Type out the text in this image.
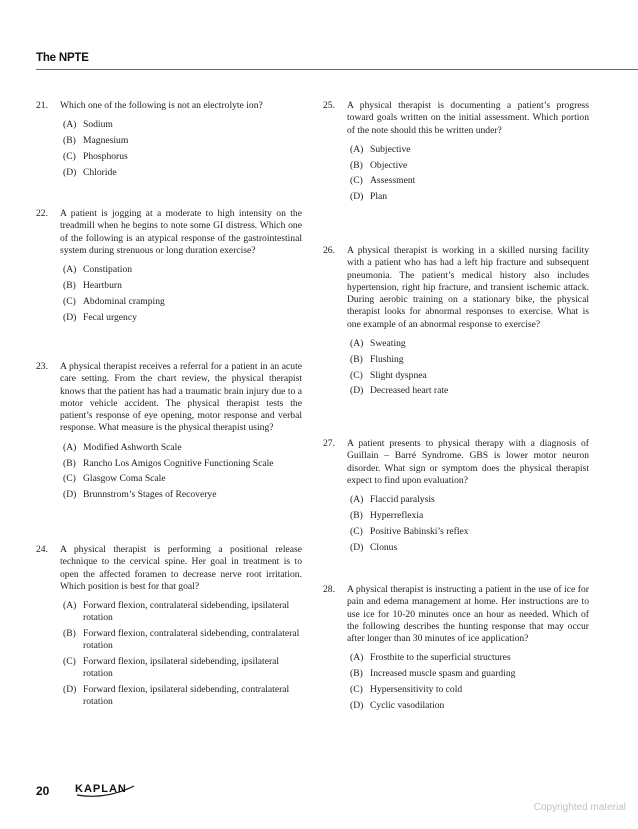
The NPTE
21.	Which one of the following is not an electrolyte ion?
(A) Sodium
(B) Magnesium
(C) Phosphorus
(D) Chloride
22.	A patient is jogging at a moderate to high intensity on the treadmill when he begins to note some GI distress. Which one of the following is an atypical response of the gastrointestinal system during strenuous or long duration exercise?
(A) Constipation
(B) Heartburn
(C) Abdominal cramping
(D) Fecal urgency
23.	A physical therapist receives a referral for a patient in an acute care setting. From the chart review, the physical therapist knows that the patient has had a traumatic brain injury due to a motor vehicle accident. The physical therapist tests the patient’s response of eye opening, motor response and verbal response. What measure is the physical therapist using?
(A) Modified Ashworth Scale
(B) Rancho Los Amigos Cognitive Functioning Scale
(C) Glasgow Coma Scale
(D) Brunnstrom’s Stages of Recoverye
24.	A physical therapist is performing a positional release technique to the cervical spine. Her goal in treatment is to open the affected foramen to decrease nerve root irritation. Which position is best for that goal?
(A) Forward flexion, contralateral sidebending, ipsilateral rotation
(B) Forward flexion, contralateral sidebending, contralateral rotation
(C) Forward flexion, ipsilateral sidebending, ipsilateral rotation
(D) Forward flexion, ipsilateral sidebending, contralateral rotation
25.	A physical therapist is documenting a patient’s progress toward goals written on the initial assessment. Which portion of the note should this be written under?
(A) Subjective
(B) Objective
(C) Assessment
(D) Plan
26.	A physical therapist is working in a skilled nursing facility with a patient who has had a left hip fracture and subsequent pneumonia. The patient’s medical history also includes hypertension, right hip fracture, and transient ischemic attack. During aerobic training on a stationary bike, the physical therapist looks for abnormal responses to exercise. What is one example of an abnormal response to exercise?
(A) Sweating
(B) Flushing
(C) Slight dyspnea
(D) Decreased heart rate
27.	A patient presents to physical therapy with a diagnosis of Guillain – Barré Syndrome. GBS is lower motor neuron disorder. What sign or symptom does the physical therapist expect to find upon evaluation?
(A) Flaccid paralysis
(B) Hyperreflexia
(C) Positive Babinski’s reflex
(D) Clonus
28.	A physical therapist is instructing a patient in the use of ice for pain and edema management at home. Her instructions are to use ice for 10-20 minutes once an hour as needed. Which of the following describes the hunting response that may occur after longer than 30 minutes of ice application?
(A) Frostbite to the superficial structures
(B) Increased muscle spasm and guarding
(C) Hypersensitivity to cold
(D) Cyclic vasodilation
20 KAPLAN
Copyrighted material
